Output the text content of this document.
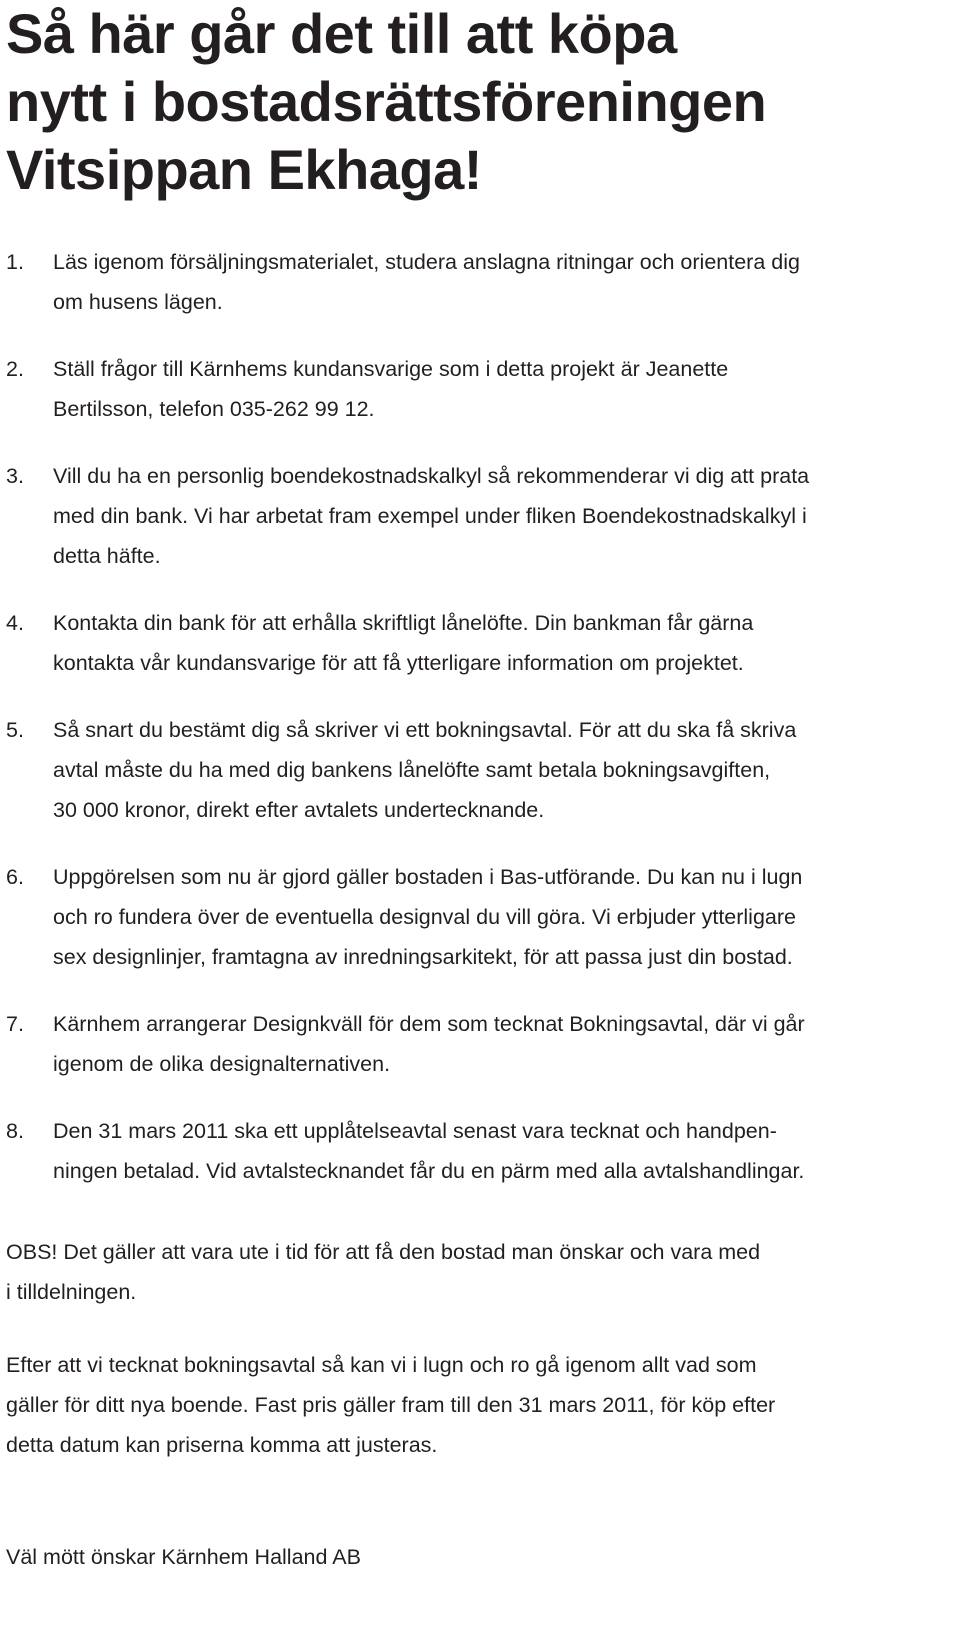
Så här går det till att köpa
nytt i bostadsrättsföreningen
Vitsippan Ekhaga!
1. Läs igenom försäljningsmaterialet, studera anslagna ritningar och orientera dig
om husens lägen.
2. Ställ frågor till Kärnhems kundansvarige som i detta projekt är Jeanette
Bertilsson, telefon 035-262 99 12.
3. Vill du ha en personlig boendekostnadskalkyl så rekommenderar vi dig att prata
med din bank. Vi har arbetat fram exempel under fliken Boendekostnadskalkyl i
detta häfte.
4. Kontakta din bank för att erhålla skriftligt lånelöfte. Din bankman får gärna
kontakta vår kundansvarige för att få ytterligare information om projektet.
5. Så snart du bestämt dig så skriver vi ett bokningsavtal. För att du ska få skriva
avtal måste du ha med dig bankens lånelöfte samt betala bokningsavgiften,
30 000 kronor, direkt efter avtalets undertecknande.
6. Uppgörelsen som nu är gjord gäller bostaden i Bas-utförande. Du kan nu i lugn
och ro fundera över de eventuella designval du vill göra. Vi erbjuder ytterligare
sex designlinjer, framtagna av inredningsarkitekt, för att passa just din bostad.
7. Kärnhem arrangerar Designkväll för dem som tecknat Bokningsavtal, där vi går
igenom de olika designalternativen.
8. Den 31 mars 2011 ska ett upplåtelseavtal senast vara tecknat och handpen-
ningen betalad. Vid avtalstecknandet får du en pärm med alla avtalshandlingar.
OBS! Det gäller att vara ute i tid för att få den bostad man önskar och vara med
i tilldelningen.
Efter att vi tecknat bokningsavtal så kan vi i lugn och ro gå igenom allt vad som
gäller för ditt nya boende. Fast pris gäller fram till den 31 mars 2011, för köp efter
detta datum kan priserna komma att justeras.
Väl mött önskar Kärnhem Halland AB
